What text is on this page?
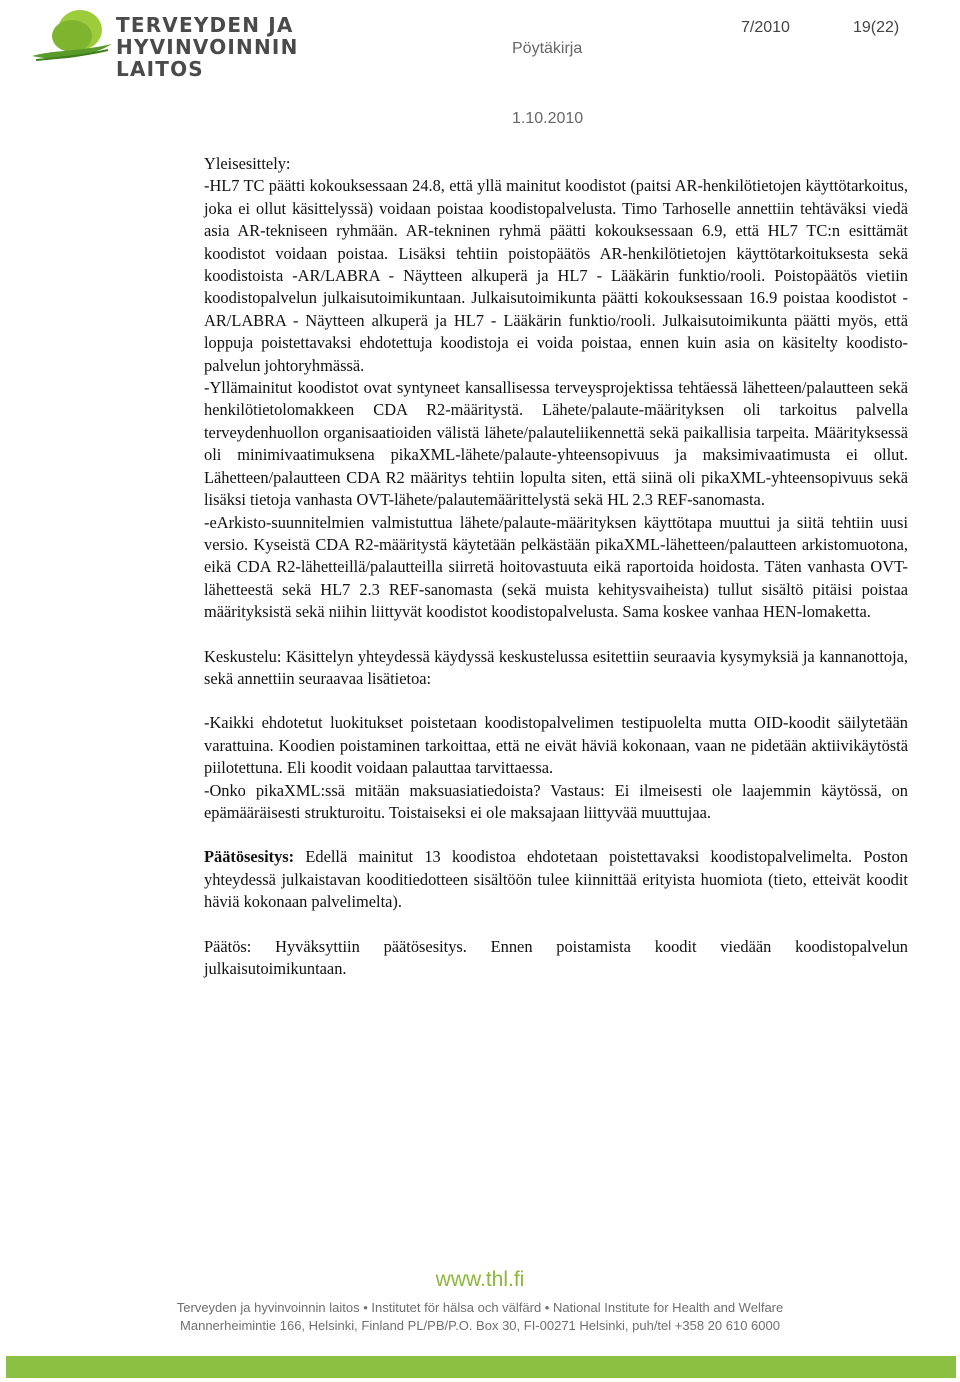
TERVEYDEN JA
HYVINVOINNIN LAITOS
Pöytäkirja
7/2010	19(22)
1.10.2010

Yleisesittely:

-HL7 TC päätti kokouksessaan 24.8, että yllä mainitut koodistot (paitsi AR-henkilötietojen käyttötarkoitus, joka ei ollut käsittelyssä) voidaan poistaa koodistopalvelusta. Timo Tarhoselle annettiin tehtäväksi viedä asia AR-tekniseen ryhmään. AR-tekninen ryhmä päätti kokouksessaan 6.9, että HL7 TC:n esittämät koodistot voidaan poistaa. Lisäksi tehtiin poistopäätös AR-henkilötietojen käyttötarkoituksesta sekä koodistoista -AR/LABRA - Näytteen alkuperä ja HL7 - Lääkärin funktio/rooli. Poistopäätös vietiin koodistopalvelun julkaisutoimikuntaan. Julkaisutoimikunta päätti kokouksessaan 16.9 poistaa koodistot -AR/LABRA - Näytteen alkuperä ja HL7 - Lääkärin funktio/rooli. Julkaisutoimikunta päätti myös, että loppuja poistettavaksi ehdotettuja koodistoja ei voida poistaa, ennen kuin asia on käsitelty koodisto-palvelun johtoryhmässä.

-Yllämainitut koodistot ovat syntyneet kansallisessa terveysprojektissa tehtäessä lähetteen/palautteen sekä henkilötietolomakkeen CDA R2-määritystä. Lähete/palaute-määrityksen oli tarkoitus palvella terveydenhuollon organisaatioiden välistä lähete/palauteliikennettä sekä paikallisia tarpeita. Määrityksessä oli minimivaatimuksena pikaXML-lähete/palaute-yhteensopivuus ja maksimivaatimusta ei ollut. Lähetteen/palautteen CDA R2 määritys tehtiin lopulta siten, että siinä oli pikaXML-yhteensopivuus sekä lisäksi tietoja vanhasta OVT-lähete/palautemäärittelystä sekä HL 2.3 REF-sanomasta.

-eArkisto-suunnitelmien valmistuttua lähete/palaute-määrityksen käyttötapa muuttui ja siitä tehtiin uusi versio. Kyseistä CDA R2-määritystä käytetään pelkästään pikaXML-lähetteen/palautteen arkistomuotona, eikä CDA R2-lähetteillä/palautteilla siirretä hoitovastuuta eikä raportoida hoidosta. Täten vanhasta OVT-lähetteestä sekä HL7 2.3 REF-sanomasta (sekä muista kehitysvaiheista) tullut sisältö pitäisi poistaa määrityksistä sekä niihin liittyvät koodistot koodistopalvelusta. Sama koskee vanhaa HEN-lomaketta.

Keskustelu: Käsittelyn yhteydessä käydyssä keskustelussa esitettiin seuraavia kysymyksiä ja kannanottoja, sekä annettiin seuraavaa lisätietoa:

-Kaikki ehdotetut luokitukset poistetaan koodistopalvelimen testipuolelta mutta OID-koodit säilytetään varattuina. Koodien poistaminen tarkoittaa, että ne eivät häviä kokonaan, vaan ne pidetään aktiivikäytöstä piilotettuna. Eli koodit voidaan palauttaa tarvittaessa.

-Onko pikaXML:ssä mitään maksuasiatiedoista? Vastaus: Ei ilmeisesti ole laajemmin käytössä, on epämääräisesti strukturoitu. Toistaiseksi ei ole maksajaan liittyvää muuttujaa.

Päätösesitys: Edellä mainitut 13 koodistoa ehdotetaan poistettavaksi koodistopalvelimelta. Poston yhteydessä julkaistavan kooditiedotteen sisältöön tulee kiinnittää erityista huomiota (tieto, etteivät koodit häviä kokonaan palvelimelta).

Päätös: Hyväksyttiin päätösesitys. Ennen poistamista koodit viedään koodistopalvelun julkaisutoimikuntaan.

www.thl.fi
Terveyden ja hyvinvoinnin laitos • Institutet för hälsa och välfärd • National Institute for Health and Welfare
Mannerheimintie 166, Helsinki, Finland PL/PB/P.O. Box 30, FI-00271 Helsinki, puh/tel +358 20 610 6000
